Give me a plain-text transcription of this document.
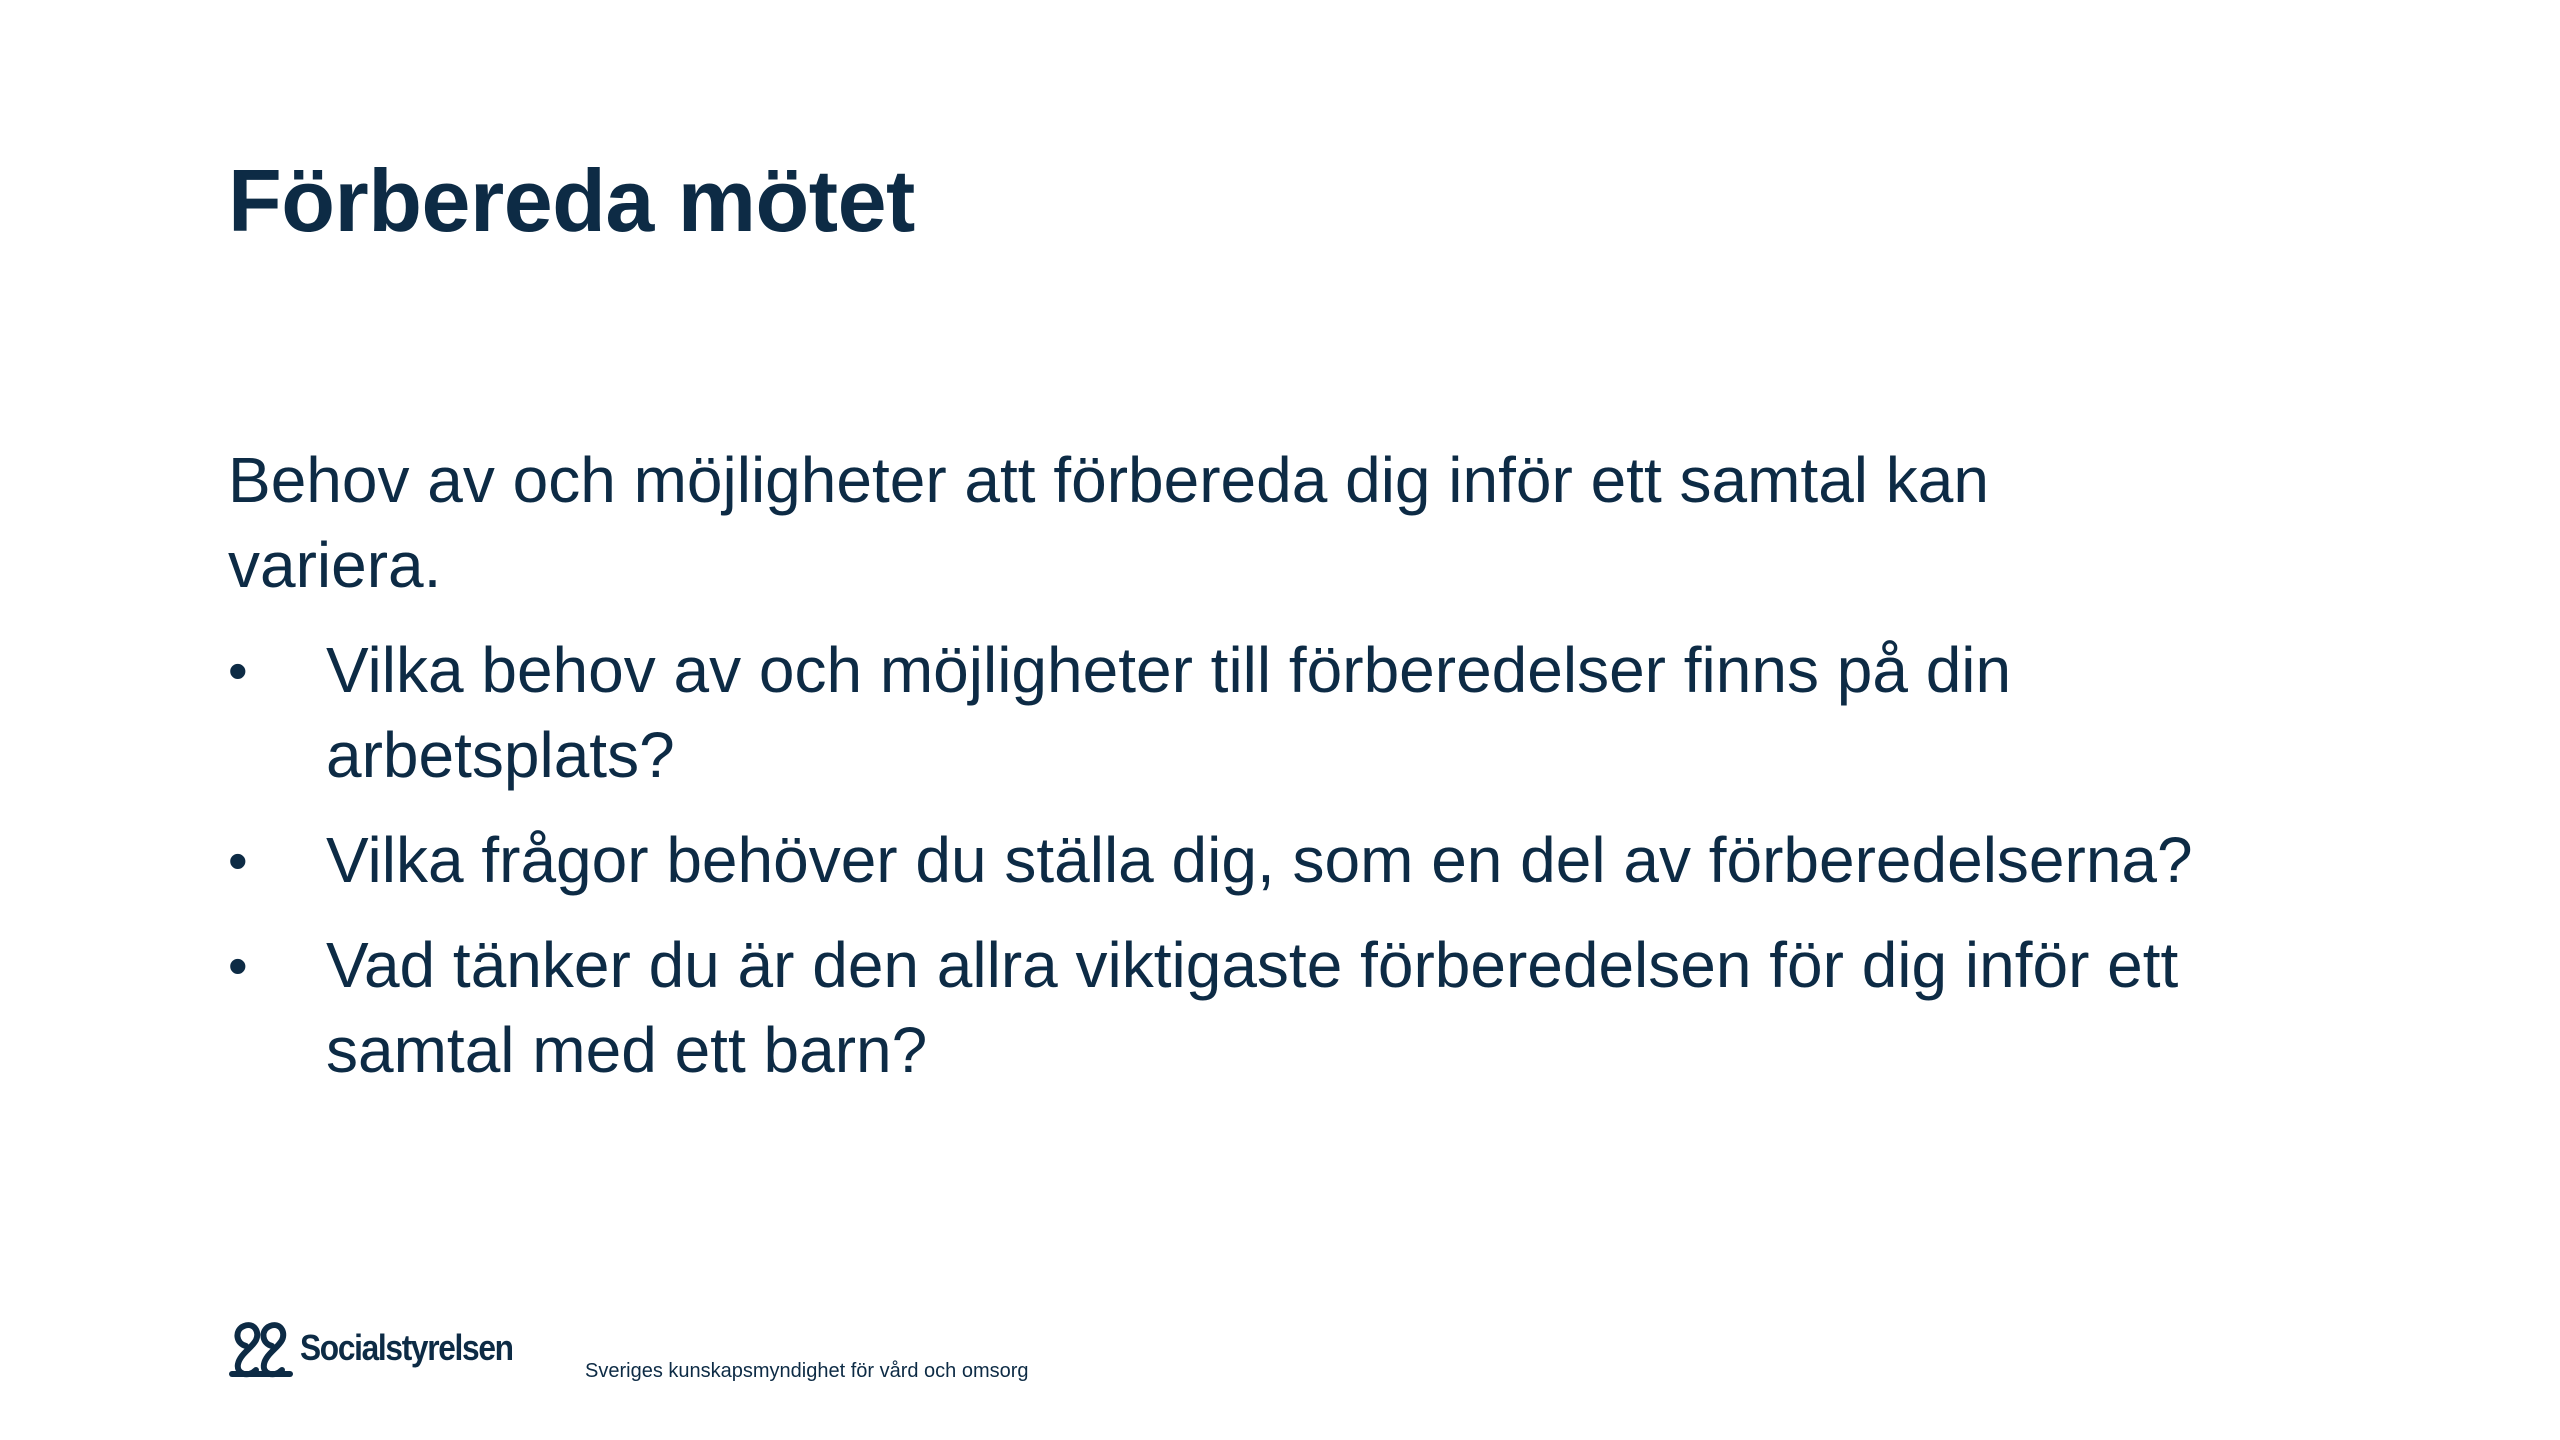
Förbereda mötet

Behov av och möjligheter att förbereda dig inför ett samtal kan variera.

•	Vilka behov av och möjligheter till förberedelser finns på din arbetsplats?
•	Vilka frågor behöver du ställa dig, som en del av förberedelserna?
•	Vad tänker du är den allra viktigaste förberedelsen för dig inför ett samtal med ett barn?
Socialstyrelsen
Sveriges kunskapsmyndighet för vård och omsorg
